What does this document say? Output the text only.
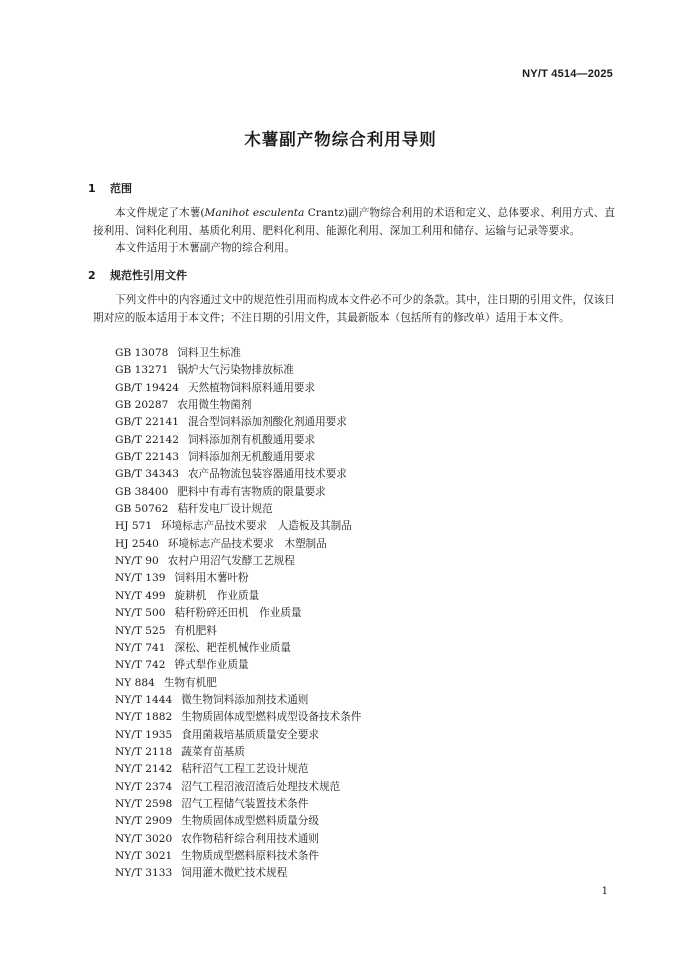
NY/T 4514—2025
木薯副产物综合利用导则
1 范围

本文件规定了木薯(Manihot esculenta Crantz)副产物综合利用的术语和定义、总体要求、利用方式、直接利用、饲料化利用、基质化利用、肥料化利用、能源化利用、深加工利用和储存、运输与记录等要求。

本文件适用于木薯副产物的综合利用。

2 规范性引用文件

下列文件中的内容通过文中的规范性引用而构成本文件必不可少的条款。其中，注日期的引用文件，仅该日期对应的版本适用于本文件；不注日期的引用文件，其最新版本（包括所有的修改单）适用于本文件。

GB 13078 饲料卫生标准
GB 13271 锅炉大气污染物排放标准
GB/T 19424 天然植物饲料原料通用要求
GB 20287 农用微生物菌剂
GB/T 22141 混合型饲料添加剂酸化剂通用要求
GB/T 22142 饲料添加剂有机酸通用要求
GB/T 22143 饲料添加剂无机酸通用要求
GB/T 34343 农产品物流包装容器通用技术要求
GB 38400 肥料中有毒有害物质的限量要求
GB 50762 秸秆发电厂设计规范
HJ 571 环境标志产品技术要求　人造板及其制品
HJ 2540 环境标志产品技术要求　木塑制品
NY/T 90 农村户用沼气发酵工艺规程
NY/T 139 饲料用木薯叶粉
NY/T 499 旋耕机　作业质量
NY/T 500 秸秆粉碎还田机　作业质量
NY/T 525 有机肥料
NY/T 741 深松、耙茬机械作业质量
NY/T 742 铧式犁作业质量
NY 884 生物有机肥
NY/T 1444 微生物饲料添加剂技术通则
NY/T 1882 生物质固体成型燃料成型设备技术条件
NY/T 1935 食用菌栽培基质质量安全要求
NY/T 2118 蔬菜育苗基质
NY/T 2142 秸秆沼气工程工艺设计规范
NY/T 2374 沼气工程沼液沼渣后处理技术规范
NY/T 2598 沼气工程储气装置技术条件
NY/T 2909 生物质固体成型燃料质量分级
NY/T 3020 农作物秸秆综合利用技术通则
NY/T 3021 生物质成型燃料原料技术条件
NY/T 3133 饲用灌木微贮技术规程
1
